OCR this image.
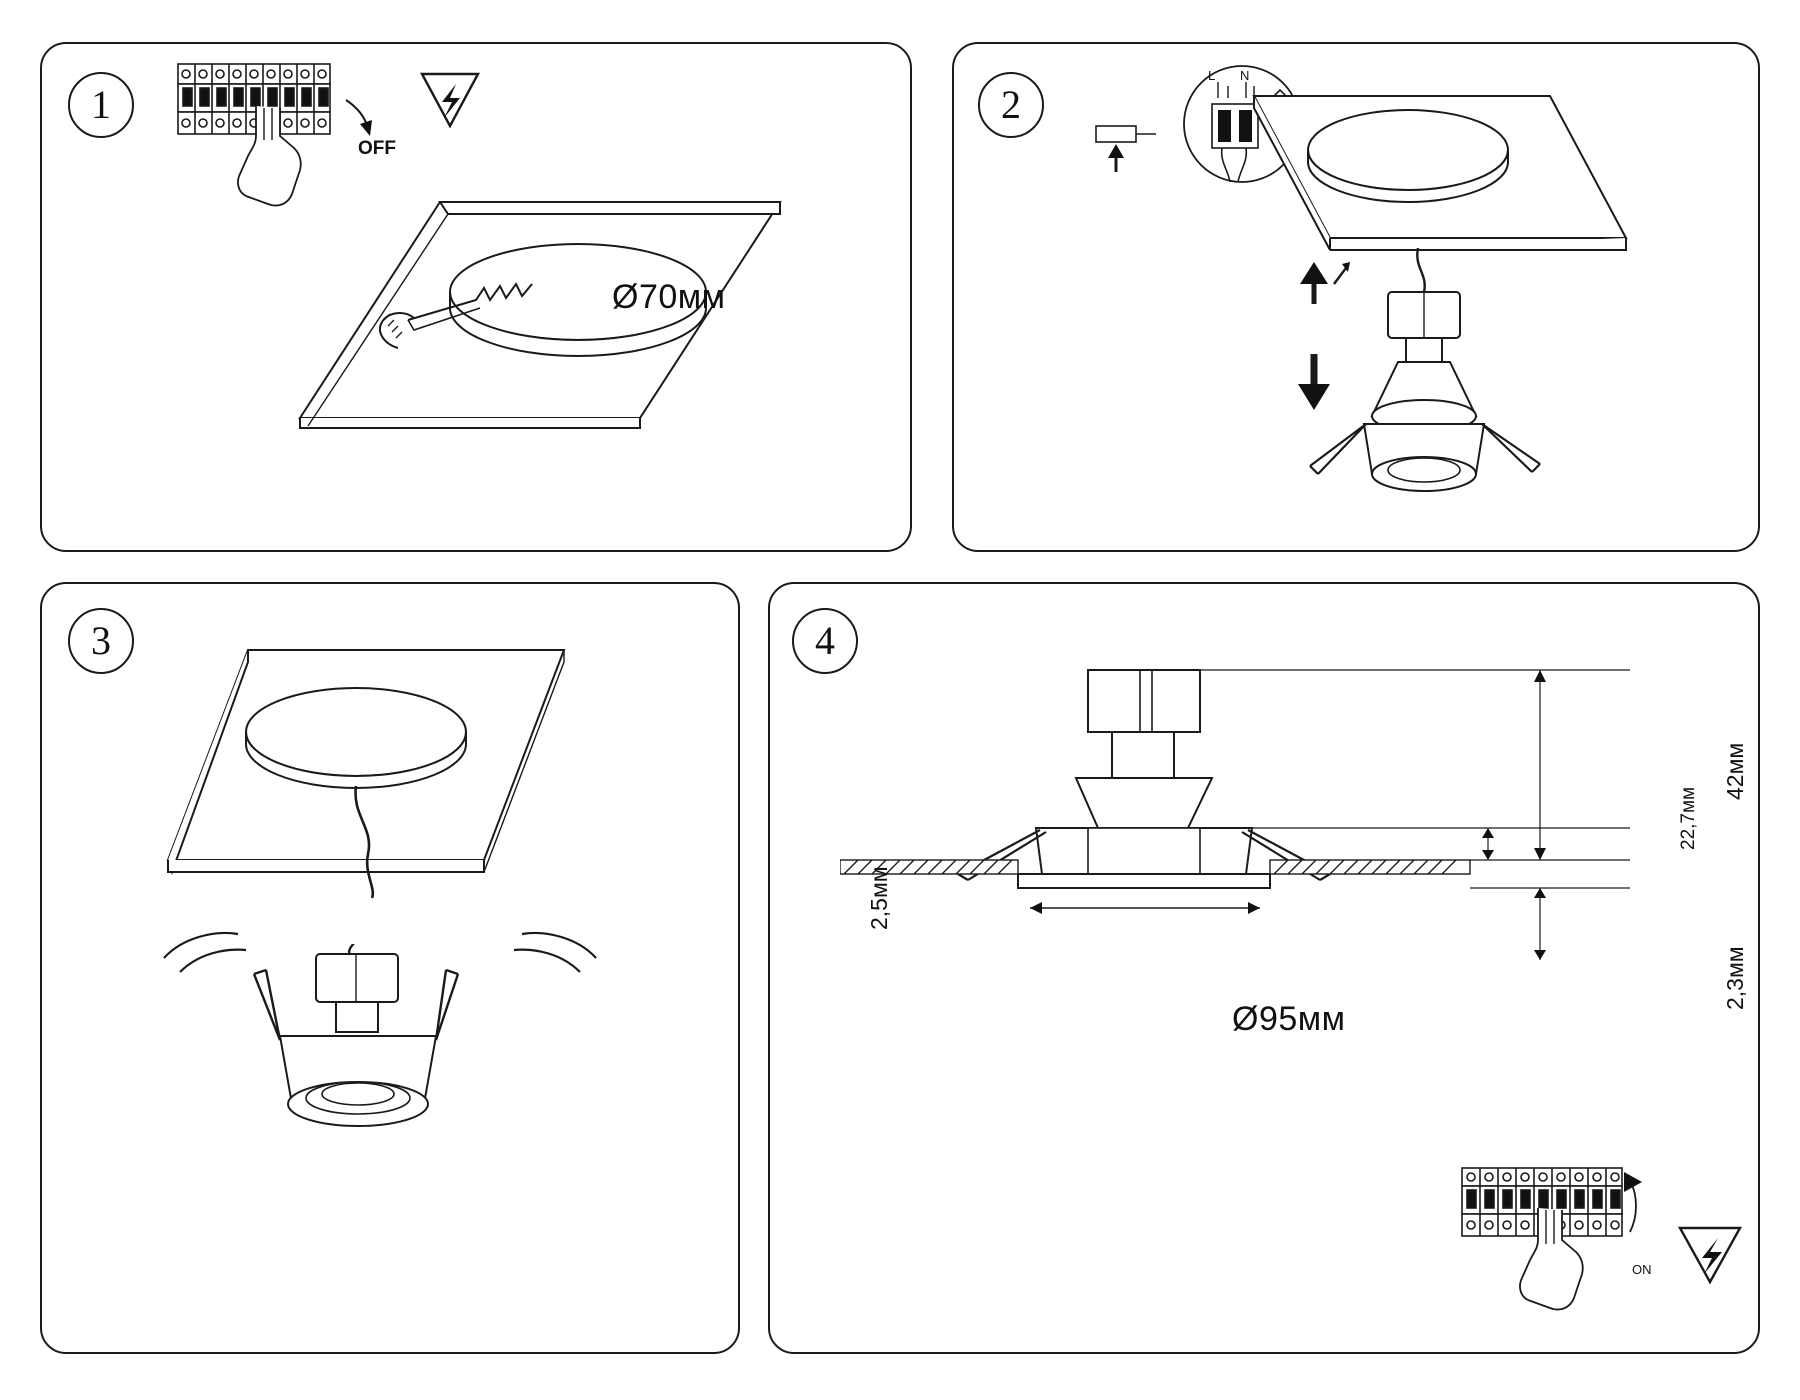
1
OFF
Ø70мм
2
L N
3	4
Ø95мм
2,5мм
42мм
22,7мм
2,3мм
ON
